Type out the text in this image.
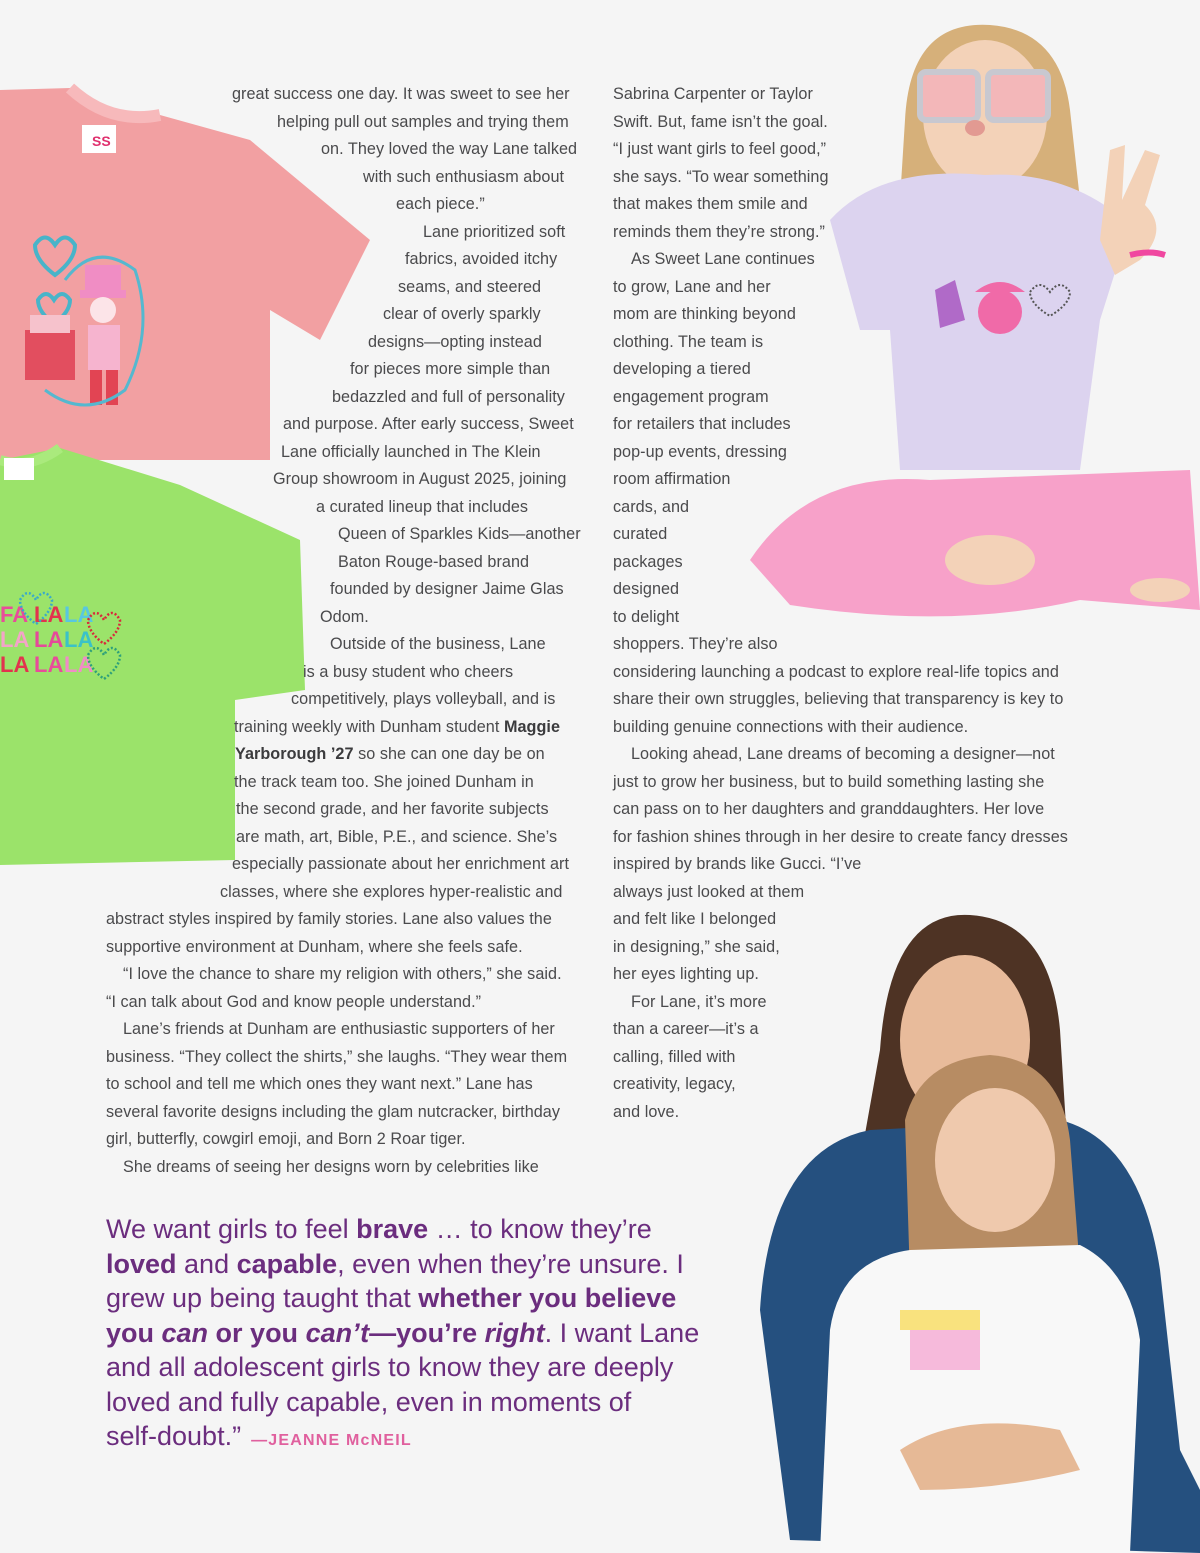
SS
FA LA LA
LA LA LA
LA LA LA
great success one day. It was sweet to see her
helping pull out samples and trying them
on. They loved the way Lane talked
with such enthusiasm about
each piece.”
Lane prioritized soft
fabrics, avoided itchy
seams, and steered
clear of overly sparkly
designs—opting instead
for pieces more simple than
bedazzled and full of personality
and purpose. After early success, Sweet
Lane officially launched in The Klein
Group showroom in August 2025, joining
a curated lineup that includes
Queen of Sparkles Kids—another
Baton Rouge-based brand
founded by designer Jaime Glas
Odom.
Outside of the business, Lane
is a busy student who cheers
competitively, plays volleyball, and is
training weekly with Dunham student Maggie
Yarborough ’27 so she can one day be on
the track team too. She joined Dunham in
the second grade, and her favorite subjects
are math, art, Bible, P.E., and science. She’s
especially passionate about her enrichment art
classes, where she explores hyper-realistic and
abstract styles inspired by family stories. Lane also values the
supportive environment at Dunham, where she feels safe.
“I love the chance to share my religion with others,” she said.
“I can talk about God and know people understand.”
Lane’s friends at Dunham are enthusiastic supporters of her
business. “They collect the shirts,” she laughs. “They wear them
to school and tell me which ones they want next.” Lane has
several favorite designs including the glam nutcracker, birthday
girl, butterfly, cowgirl emoji, and Born 2 Roar tiger.
She dreams of seeing her designs worn by celebrities like
Sabrina Carpenter or Taylor
Swift. But, fame isn’t the goal.
“I just want girls to feel good,”
she says. “To wear something
that makes them smile and
reminds them they’re strong.”
As Sweet Lane continues
to grow, Lane and her
mom are thinking beyond
clothing. The team is
developing a tiered
engagement program
for retailers that includes
pop-up events, dressing
room affirmation
cards, and
curated
packages
designed
to delight
shoppers. They’re also
considering launching a podcast to explore real-life topics and
share their own struggles, believing that transparency is key to
building genuine connections with their audience.
Looking ahead, Lane dreams of becoming a designer—not
just to grow her business, but to build something lasting she
can pass on to her daughters and granddaughters. Her love
for fashion shines through in her desire to create fancy dresses
inspired by brands like Gucci. “I’ve
always just looked at them
and felt like I belonged
in designing,” she said,
her eyes lighting up.
For Lane, it’s more
than a career—it’s a
calling, filled with
creativity, legacy,
and love.
We want girls to feel brave … to know they’re
loved and capable, even when they’re unsure. I
grew up being taught that whether you believe
you can or you can’t—you’re right. I want Lane
and all adolescent girls to know they are deeply
loved and fully capable, even in moments of
self-doubt.” —JEANNE McNEIL
